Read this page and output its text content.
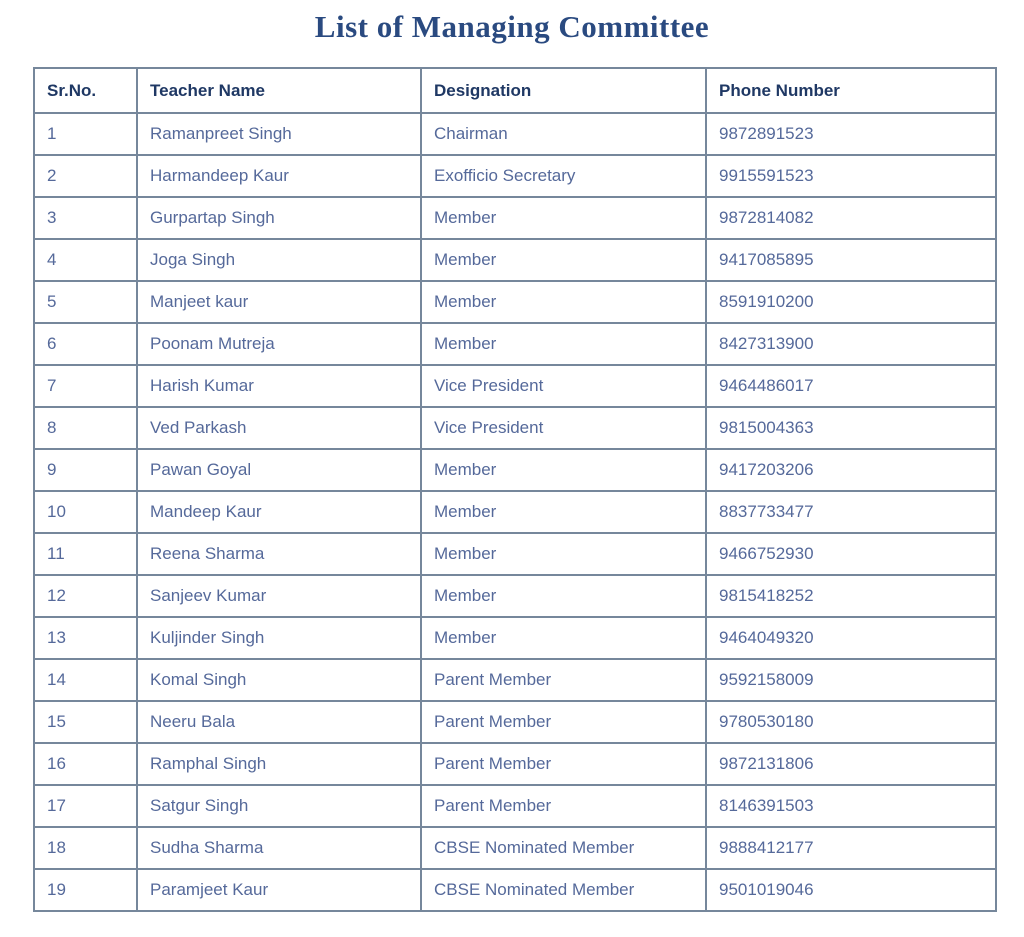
List of Managing Committee
Sr.No.	Teacher Name	Designation	Phone Number
1	Ramanpreet Singh	Chairman	9872891523
2	Harmandeep Kaur	Exofficio Secretary	9915591523
3	Gurpartap Singh	Member	9872814082
4	Joga Singh	Member	9417085895
5	Manjeet kaur	Member	8591910200
6	Poonam Mutreja	Member	8427313900
7	Harish Kumar	Vice President	9464486017
8	Ved Parkash	Vice President	9815004363
9	Pawan Goyal	Member	9417203206
10	Mandeep Kaur	Member	8837733477
11	Reena Sharma	Member	9466752930
12	Sanjeev Kumar	Member	9815418252
13	Kuljinder Singh	Member	9464049320
14	Komal Singh	Parent Member	9592158009
15	Neeru Bala	Parent Member	9780530180
16	Ramphal Singh	Parent Member	9872131806
17	Satgur Singh	Parent Member	8146391503
18	Sudha Sharma	CBSE Nominated Member	9888412177
19	Paramjeet Kaur	CBSE Nominated Member	9501019046
